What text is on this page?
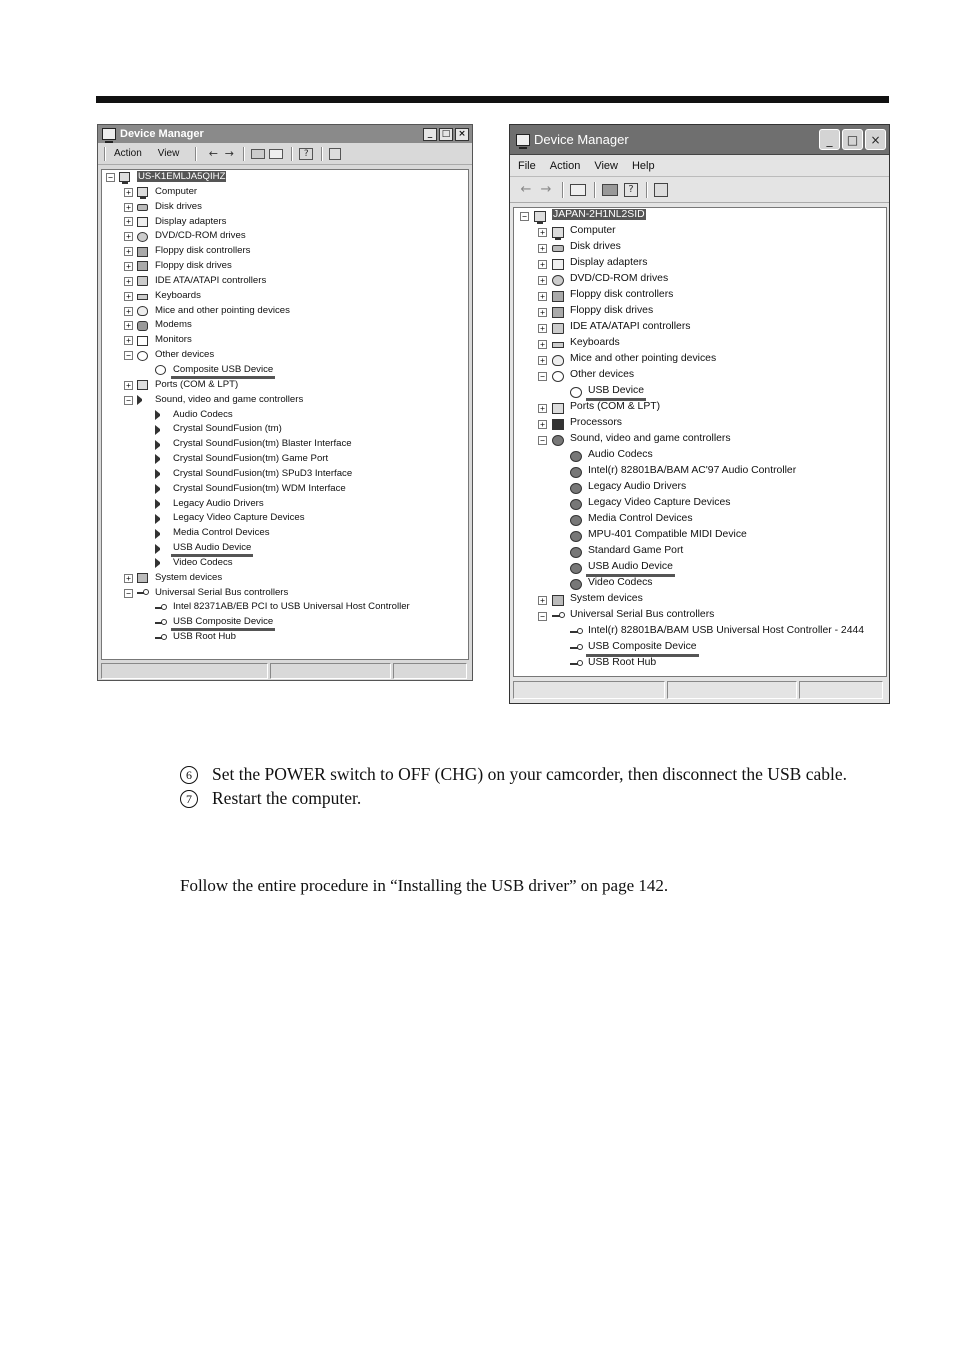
Device Manager	_	□ ×
Action View	← →	?
−	US-K1EMLJA5QIHZ
+	Computer
+	Disk drives
+	Display adapters
+	DVD/CD-ROM drives
+	Floppy disk controllers
+	Floppy disk drives
+	IDE ATA/ATAPI controllers
+	Keyboards
+	Mice and other pointing devices
+	Modems
+	Monitors
−	Other devices
Composite USB Device
+	Ports (COM & LPT)
−	Sound, video and game controllers
Audio Codecs
Crystal SoundFusion (tm)
Crystal SoundFusion(tm) Blaster Interface
Crystal SoundFusion(tm) Game Port
Crystal SoundFusion(tm) SPuD3 Interface
Crystal SoundFusion(tm) WDM Interface
Legacy Audio Drivers
Legacy Video Capture Devices
Media Control Devices
USB Audio Device
Video Codecs
+	System devices
−	Universal Serial Bus controllers
Intel 82371AB/EB PCI to USB Universal Host Controller
USB Composite Device
USB Root Hub
Device Manager	_	□	×
File Action View Help
← →	?
−	JAPAN-2H1NL2SID
+ Computer
+ Disk drives
+ Display adapters
+ DVD/CD-ROM drives
+ Floppy disk controllers
+ Floppy disk drives
+ IDE ATA/ATAPI controllers
+ Keyboards
+ Mice and other pointing devices
− Other devices
USB Device
+ Ports (COM & LPT)
+ Processors
− Sound, video and game controllers
Audio Codecs
Intel(r) 82801BA/BAM AC'97 Audio Controller
Legacy Audio Drivers
Legacy Video Capture Devices
Media Control Devices
MPU-401 Compatible MIDI Device
Standard Game Port
USB Audio Device
Video Codecs
+ System devices
− Universal Serial Bus controllers
Intel(r) 82801BA/BAM USB Universal Host Controller - 2444
USB Composite Device
USB Root Hub
6	Set the POWER switch to OFF (CHG) on your camcorder, then disconnect the USB cable.
7	Restart the computer.
Follow the entire procedure in “Installing the USB driver” on page 142.
